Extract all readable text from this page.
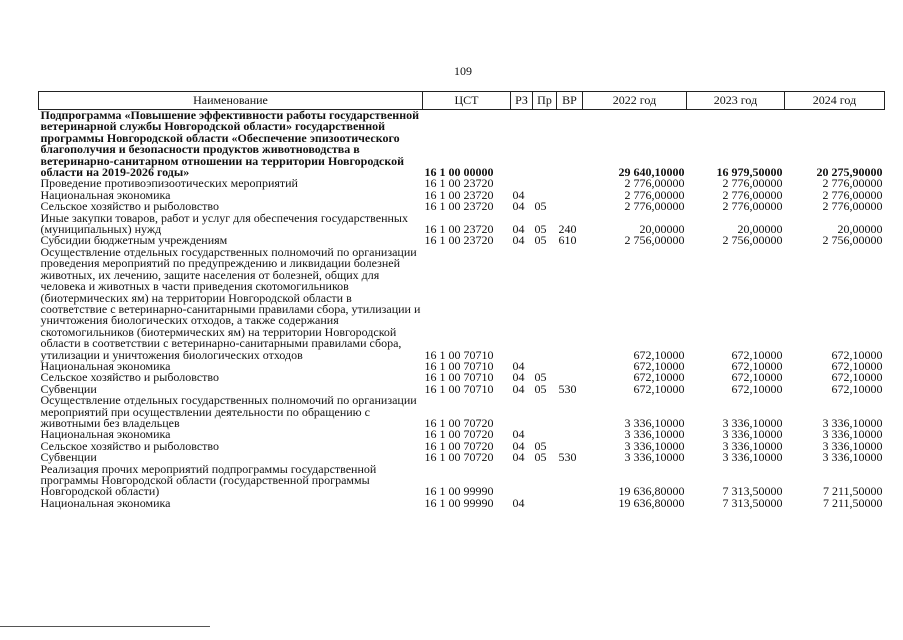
109
Наименование	ЦСТ	РЗ	Пр	ВР	2022 год	2023 год	2024 год
Подпрограмма «Повышение эффективности работы государственной ветеринарной службы Новгородской области» государственной программы Новгородской области «Обеспечение эпизоотического благополучия и безопасности продуктов животноводства в ветеринарно-санитарном отношении на территории Новгородской области на 2019-2026 годы»	16 1 00 00000				29 640,10000	16 979,50000	20 275,90000
Проведение противоэпизоотических мероприятий	16 1 00 23720				2 776,00000	2 776,00000	2 776,00000
Национальная экономика	16 1 00 23720	04			2 776,00000	2 776,00000	2 776,00000
Сельское хозяйство и рыболовство	16 1 00 23720	04	05		2 776,00000	2 776,00000	2 776,00000
Иные закупки товаров, работ и услуг для обеспечения государственных (муниципальных) нужд	16 1 00 23720	04	05	240	20,00000	20,00000	20,00000
Субсидии бюджетным учреждениям	16 1 00 23720	04	05	610	2 756,00000	2 756,00000	2 756,00000
Осуществление отдельных государственных полномочий по организации проведения мероприятий по предупреждению и ликвидации болезней животных, их лечению, защите населения от болезней, общих для человека и животных в части приведения скотомогильников (биотермических ям) на территории Новгородской области в соответствие с ветеринарно-санитарными правилами сбора, утилизации и уничтожения биологических отходов, а также содержания скотомогильников (биотермических ям) на территории Новгородской области в соответствии с ветеринарно-санитарными правилами сбора, утилизации и уничтожения биологических отходов	16 1 00 70710				672,10000	672,10000	672,10000
Национальная экономика	16 1 00 70710	04			672,10000	672,10000	672,10000
Сельское хозяйство и рыболовство	16 1 00 70710	04	05		672,10000	672,10000	672,10000
Субвенции	16 1 00 70710	04	05	530	672,10000	672,10000	672,10000
Осуществление отдельных государственных полномочий по организации мероприятий при осуществлении деятельности по обращению с животными без владельцев	16 1 00 70720				3 336,10000	3 336,10000	3 336,10000
Национальная экономика	16 1 00 70720	04			3 336,10000	3 336,10000	3 336,10000
Сельское хозяйство и рыболовство	16 1 00 70720	04	05		3 336,10000	3 336,10000	3 336,10000
Субвенции	16 1 00 70720	04	05	530	3 336,10000	3 336,10000	3 336,10000
Реализация прочих мероприятий подпрограммы государственной программы Новгородской области (государственной программы Новгородской области)	16 1 00 99990				19 636,80000	7 313,50000	7 211,50000
Национальная экономика	16 1 00 99990	04			19 636,80000	7 313,50000	7 211,50000
